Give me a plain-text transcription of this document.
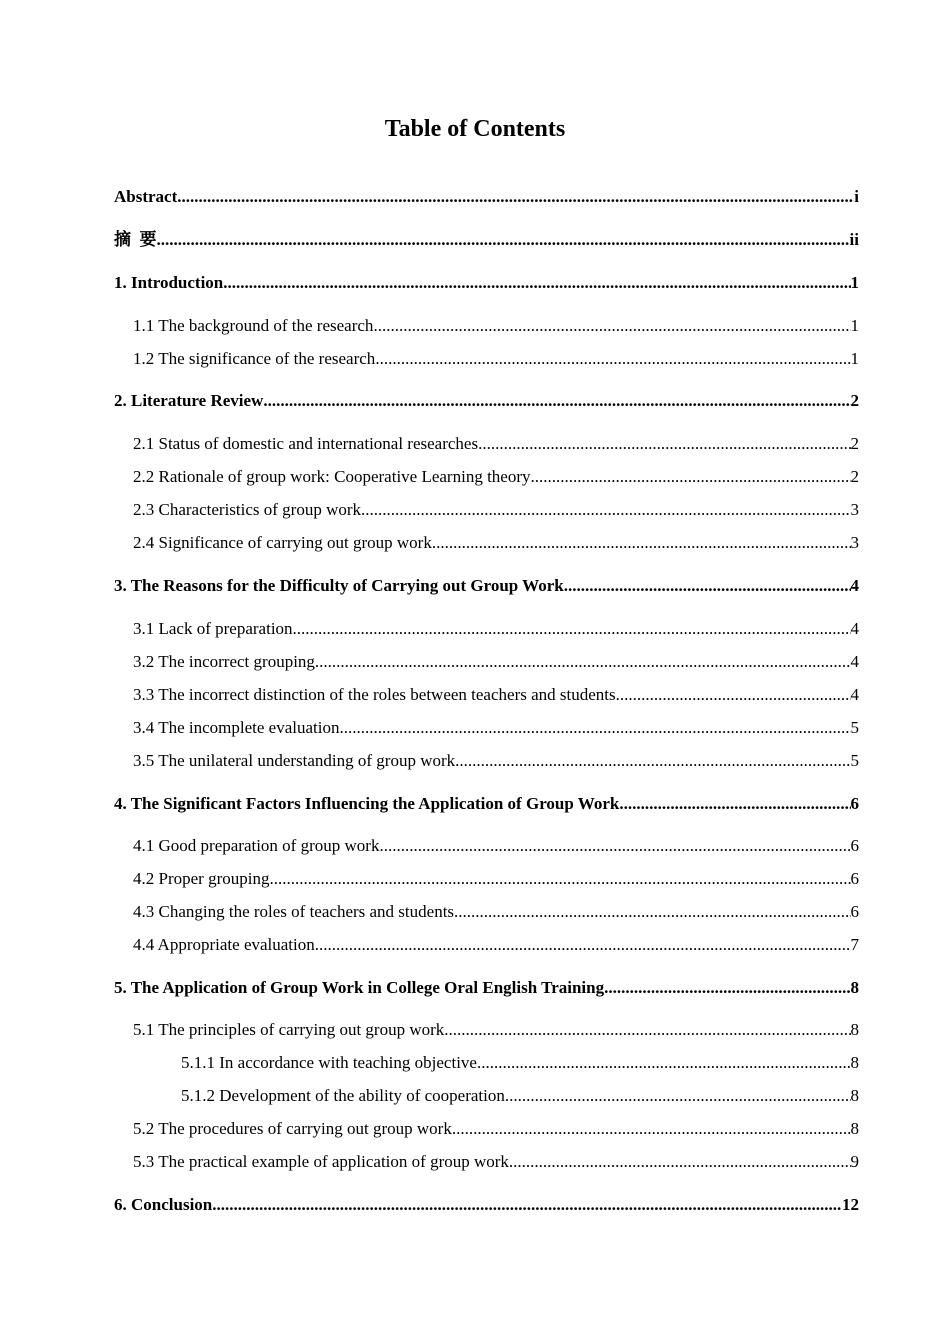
Table of Contents
Abstract .....	i
摘  要 .....	ii
1. Introduction .....	1
1.1 The background of the research .....	1
1.2 The significance of the research .....	1
2. Literature Review .....	2
2.1 Status of domestic and international researches .....	2
2.2 Rationale of group work: Cooperative Learning theory .....	2
2.3 Characteristics of group work .....	3
2.4 Significance of carrying out group work .....	3
3. The Reasons for the Difficulty of Carrying out Group Work .....	4
3.1 Lack of preparation .....	4
3.2 The incorrect grouping .....	4
3.3 The incorrect distinction of the roles between teachers and students .....	4
3.4 The incomplete evaluation .....	5
3.5 The unilateral understanding of group work .....	5
4. The Significant Factors Influencing the Application of Group Work .....	6
4.1 Good preparation of group work .....	6
4.2 Proper grouping .....	6
4.3 Changing the roles of teachers and students .....	6
4.4 Appropriate evaluation .....	7
5. The Application of Group Work in College Oral English Training .....	8
5.1 The principles of carrying out group work .....	8
5.1.1 In accordance with teaching objective .....	8
5.1.2 Development of the ability of cooperation .....	8
5.2 The procedures of carrying out group work .....	8
5.3 The practical example of application of group work .....	9
6. Conclusion .....	12
